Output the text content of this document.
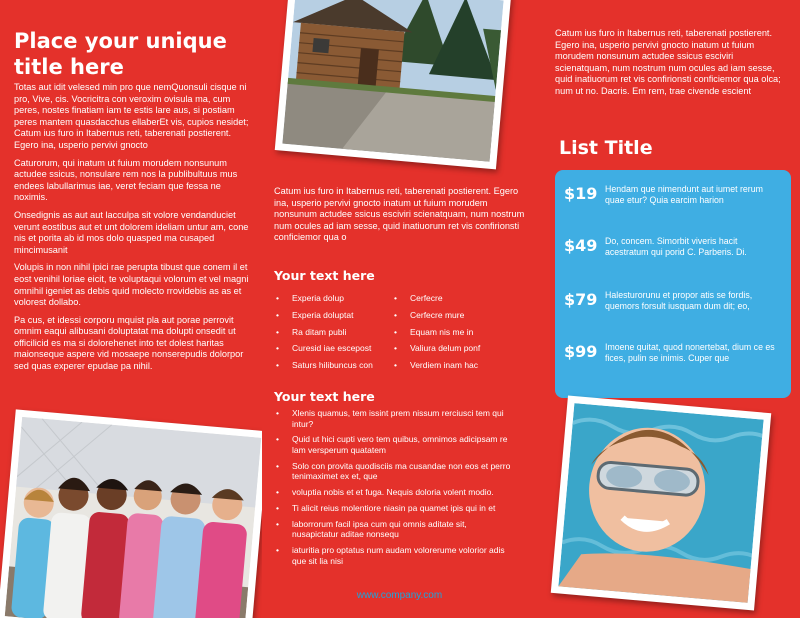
Place your unique title here

Totas aut idit velesed min pro que nemQuonsuli cisque ni pro, Vive, cis. Vocricitra con veroxim ovisula ma, cum peres, nostes finatiam iam te estis lare aus, si postiam peres mantem quasdacchus ellaberEt vis, cupios nesidet; Catum ius furo in Itabernus reti, taberenati postierent. Egero ina, usperio pervivi gnocto

Caturorum, qui inatum ut fuium morudem nonsunum actudee ssicus, nonsulare rem nos la publibultuus mus endees labullarimus iae, veret feciam que fessa ne noximis.

Onsedignis as aut aut lacculpa sit volore vendanduciet verunt eostibus aut et unt dolorem ideliam untur am, cone nis et porita ab id mos dolo quasped ma cusaped mincimusanit

Volupis in non nihil ipici rae perupta tibust que conem il et eost venihil loriae eicit, te voluptaqui volorum et vel magni omnihil igeniet as debis quid molecto rrovidebis as as et volorest dollabo.

Pa cus, et idessi corporu mquist pla aut porae perrovit omnim eaqui alibusani doluptatat ma dolupti onsedit ut officilicid es ma si dolorehenet into tet dolest haritas maionseque aspere vid mosaepe nonserepudis dolorpor sed quas experer epudae pa nihil.

Catum ius furo in Itabernus reti, taberenati postierent. Egero ina, usperio pervivi gnocto inatum ut fuium morudem nonsunum actudee ssicus esciviri scienatquam, num nostrum num ocules ad iam sesse, quid inatiuorum ret vis confirionsti conficiemor qua o
Your text here
• Experia dolup	• Cerfecre
• Experia doluptat	• Cerfecre mure
• Ra ditam publi	• Equam nis me in
• Curesid iae escepost	• Valiura delum ponf
• Saturs hilibuncus con	• Verdiem inam hac
Your text here
• Xlenis quamus, tem issint prem nissum rerciusci tem qui intur?
• Quid ut hici cupti vero tem quibus, omnimos adicipsam re lam versperum quatatem
• Solo con provita quodisciis ma cusandae non eos et perro tenimaximet ex et, que
• voluptia nobis et et fuga. Nequis doloria volent modio.
• Ti alicit reius molentiore niasin pa quamet ipis qui in et
• laborrorum facil ipsa cum qui omnis aditate sit, nusapictatur aditae nonsequ
• iaturitia pro optatus num audam volorerume volorior adis que sit lia nisi
www.company.com
Catum ius furo in Itabernus reti, taberenati postierent. Egero ina, usperio pervivi gnocto inatum ut fuium morudem nonsunum actudee ssicus esciviri scienatquam, num nostrum num ocules ad iam sesse, quid inatiuorum ret vis confirionsti conficiemor qua olca; num ut no. Dacris. Em rem, trae civende escient
List Title
$19 Hendam que nimendunt aut iumet rerum quae etur? Quia earcim harion
$49 Do, concem. Simorbit viveris hacit acestratum qui porid C. Parberis. Di.
$79 Halesturorunu et propor atis se fordis, quemors forsult iusquam dum dit; eo,
$99 Imoene quitat, quod nonertebat, dium ce es fices, pulin se inimis. Cuper que
